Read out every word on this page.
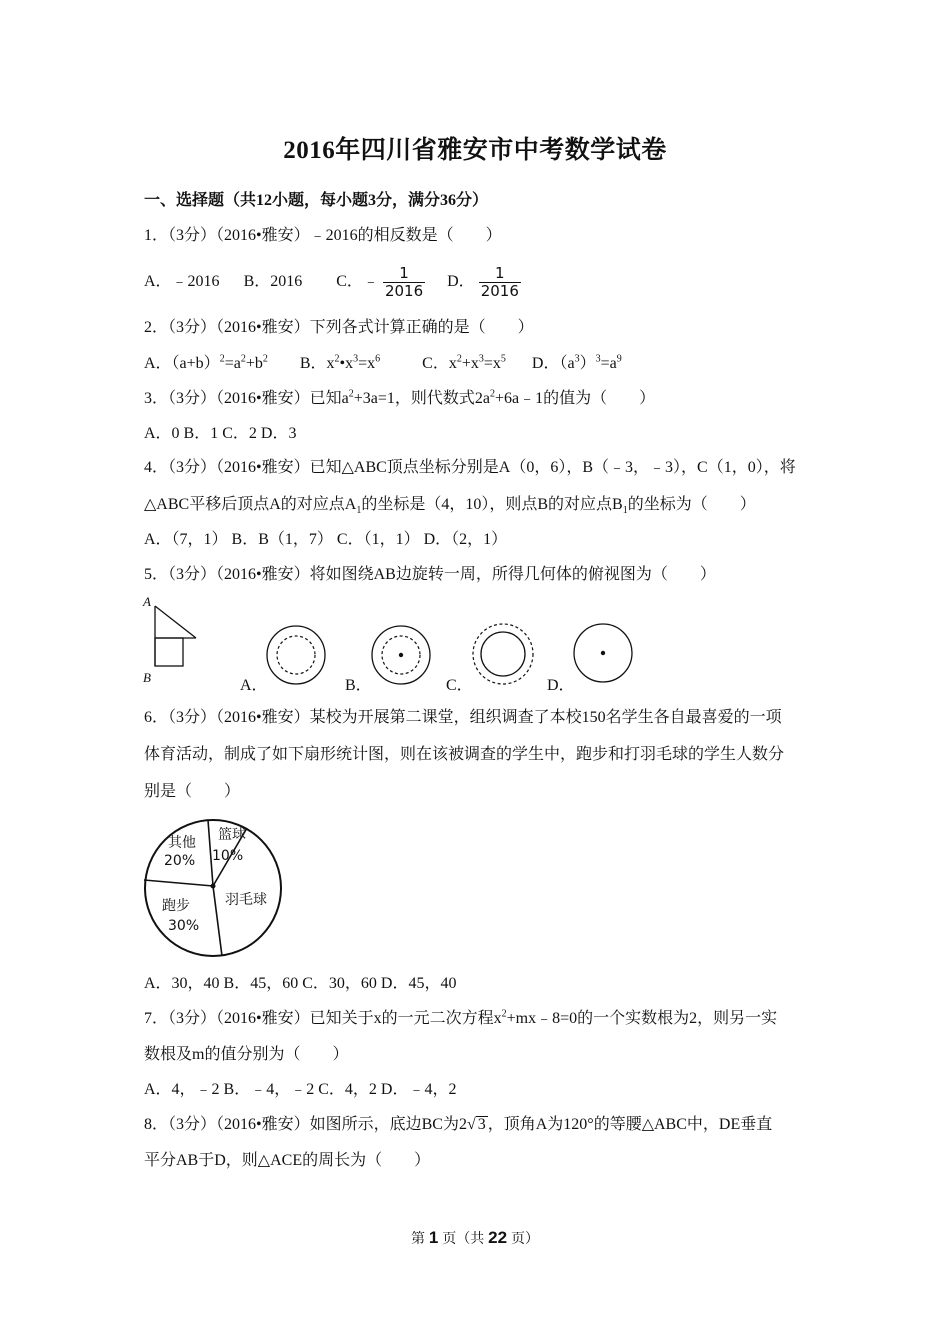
2016年四川省雅安市中考数学试卷
一、选择题（共12小题，每小题3分，满分36分）
1．（3分）（2016•雅安）﹣2016的相反数是（　　）
A．﹣2016 B．2016 C．﹣ $\frac{1}{2016}$ D． $\frac{1}{2016}$
2．（3分）（2016•雅安）下列各式计算正确的是（　　）
A．$(a+b)^2=a^2+b^2$ B．$x^2•x^3=x^6$	C．$x^2+x^3=x^5$ D．$(a^3)^3=a^9$
3．（3分）（2016•雅安）已知$a^2+3a=1$，则代数式$2a^2+6a﹣1$的值为（　　）
A．0 B．1 C．2 D．3
4．（3分）（2016•雅安）已知△ABC顶点坐标分别是A（0，6），B（﹣3，﹣3），C（1，0），将
△ABC平移后顶点A的对应点$A_1$的坐标是（4，10），则点B的对应点$B_1$的坐标为（　　）
A．（7，1） B．B（1，7） C．（1，1） D．（2，1）
5．（3分）（2016•雅安）将如图绕AB边旋转一周，所得几何体的俯视图为（　　）
A
B	A．	B．	C．	D．
6．（3分）（2016•雅安）某校为开展第二课堂，组织调查了本校150名学生各自最喜爱的一项
体育活动，制成了如下扇形统计图，则在该被调查的学生中，跑步和打羽毛球的学生人数分
别是（　　）
其他
20%
篮球
10%
跑步
30%
羽毛球
A．30，40 B．45，60 C．30，60 D．45，40
7．（3分）（2016•雅安）已知关于x的一元二次方程$x^2+mx﹣8=0$的一个实数根为2，则另一实
数根及m的值分别为（　　）
A．4，﹣2 B．﹣4，﹣2 C．4，2 D．﹣4，2
8．（3分）（2016•雅安）如图所示，底边BC为2√ 3 ，顶角A为120°的等腰△ABC中，DE垂直
平分AB于D，则△ACE的周长为（　　）
第 1 页（共 22 页）
